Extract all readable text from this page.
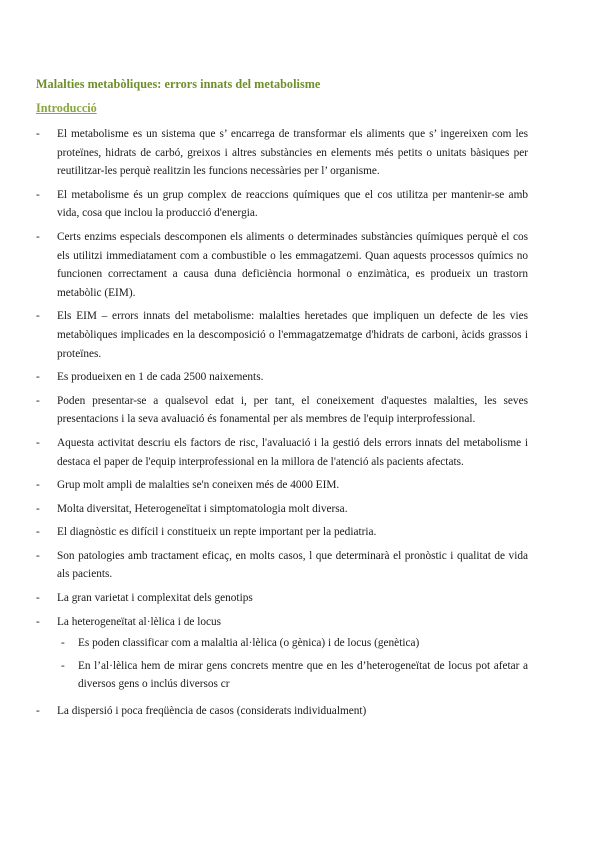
Malalties metabòliques: errors innats del metabolisme
Introducció
-	El metabolisme es un sistema que s’ encarrega de transformar els aliments que s’ ingereixen com les proteïnes, hidrats de carbó, greixos i altres substàncies en elements més petits o unitats bàsiques per reutilitzar-les perquè realitzin les funcions necessàries per l’ organisme.
-	El metabolisme és un grup complex de reaccions químiques que el cos utilitza per mantenir-se amb vida, cosa que inclou la producció d'energia.
-	Certs enzims especials descomponen els aliments o determinades substàncies químiques perquè el cos els utilitzi immediatament com a combustible o les emmagatzemi. Quan aquests processos químics no funcionen correctament a causa duna deficiència hormonal o enzimàtica, es produeix un trastorn metabòlic (EIM).
-	Els EIM – errors innats del metabolisme: malalties heretades que impliquen un defecte de les vies metabòliques implicades en la descomposició o l'emmagatzematge d'hidrats de carboni, àcids grassos i proteïnes.
-	Es produeixen en 1 de cada 2500 naixements.
-	Poden presentar-se a qualsevol edat i, per tant, el coneixement d'aquestes malalties, les seves presentacions i la seva avaluació és fonamental per als membres de l'equip interprofessional.
-	Aquesta activitat descriu els factors de risc, l'avaluació i la gestió dels errors innats del metabolisme i destaca el paper de l'equip interprofessional en la millora de l'atenció als pacients afectats.
-	Grup molt ampli de malalties se'n coneixen més de 4000 EIM.
-	Molta diversitat, Heterogeneïtat i simptomatologia molt diversa.
-	El diagnòstic es difícil i constitueix un repte important per la pediatria.
-	Son patologies amb tractament eficaç, en molts casos, l que determinarà el pronòstic i qualitat de vida als pacients.
-	La gran varietat i complexitat dels genotips
-	La heterogeneïtat al·lèlica i de locus
-	Es poden classificar com a malaltia al·lèlica (o gènica) i de locus (genètica)
-	En l’al·lèlica hem de mirar gens concrets mentre que en les d’heterogeneïtat de locus pot afetar a diversos gens o inclús diversos cr
-	La dispersió i poca freqüència de casos (considerats individualment)
